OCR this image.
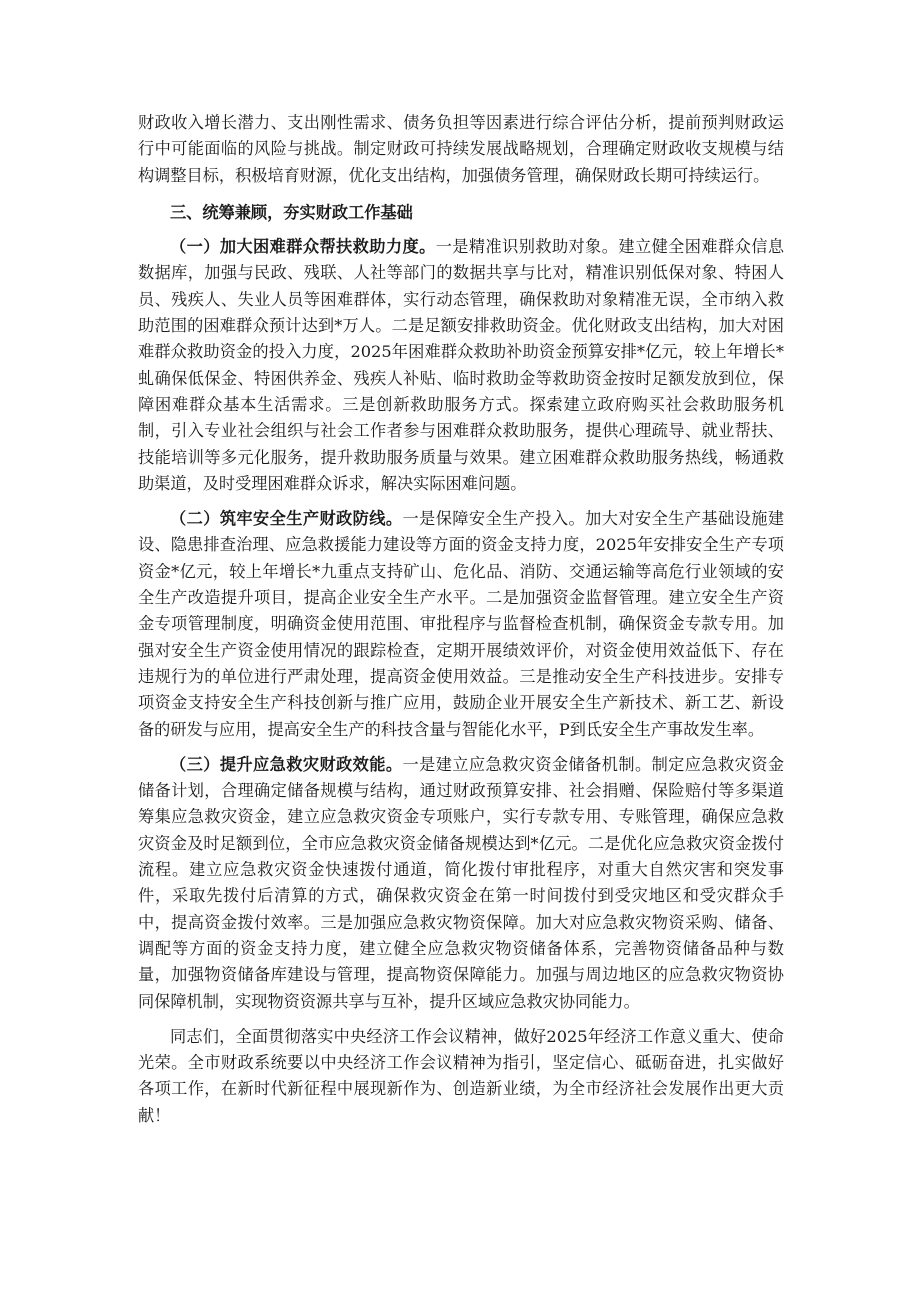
财政收入增长潜力、支出刚性需求、债务负担等因素进行综合评估分析，提前预判财政运行中可能面临的风险与挑战。制定财政可持续发展战略规划，合理确定财政收支规模与结构调整目标，积极培育财源，优化支出结构，加强债务管理，确保财政长期可持续运行。

三、统筹兼顾，夯实财政工作基础

（一）加大困难群众帮扶救助力度。一是精准识别救助对象。建立健全困难群众信息数据库，加强与民政、残联、人社等部门的数据共享与比对，精准识别低保对象、特困人员、残疾人、失业人员等困难群体，实行动态管理，确保救助对象精准无误，全市纳入救助范围的困难群众预计达到*万人。二是足额安排救助资金。优化财政支出结构，加大对困难群众救助资金的投入力度，2025年困难群众救助补助资金预算安排*亿元，较上年增长*虬确保低保金、特困供养金、残疾人补贴、临时救助金等救助资金按时足额发放到位，保障困难群众基本生活需求。三是创新救助服务方式。探索建立政府购买社会救助服务机制，引入专业社会组织与社会工作者参与困难群众救助服务，提供心理疏导、就业帮扶、技能培训等多元化服务，提升救助服务质量与效果。建立困难群众救助服务热线，畅通救助渠道，及时受理困难群众诉求，解决实际困难问题。

（二）筑牢安全生产财政防线。一是保障安全生产投入。加大对安全生产基础设施建设、隐患排查治理、应急救援能力建设等方面的资金支持力度，2025年安排安全生产专项资金*亿元，较上年增长*九重点支持矿山、危化品、消防、交通运输等高危行业领域的安全生产改造提升项目，提高企业安全生产水平。二是加强资金监督管理。建立安全生产资金专项管理制度，明确资金使用范围、审批程序与监督检查机制，确保资金专款专用。加强对安全生产资金使用情况的跟踪检查，定期开展绩效评价，对资金使用效益低下、存在违规行为的单位进行严肃处理，提高资金使用效益。三是推动安全生产科技进步。安排专项资金支持安全生产科技创新与推广应用，鼓励企业开展安全生产新技术、新工艺、新设备的研发与应用，提高安全生产的科技含量与智能化水平，P到氐安全生产事故发生率。

（三）提升应急救灾财政效能。一是建立应急救灾资金储备机制。制定应急救灾资金储备计划，合理确定储备规模与结构，通过财政预算安排、社会捐赠、保险赔付等多渠道筹集应急救灾资金，建立应急救灾资金专项账户，实行专款专用、专账管理，确保应急救灾资金及时足额到位，全市应急救灾资金储备规模达到*亿元。二是优化应急救灾资金拨付流程。建立应急救灾资金快速拨付通道，简化拨付审批程序，对重大自然灾害和突发事件，采取先拨付后清算的方式，确保救灾资金在第一时间拨付到受灾地区和受灾群众手中，提高资金拨付效率。三是加强应急救灾物资保障。加大对应急救灾物资采购、储备、调配等方面的资金支持力度，建立健全应急救灾物资储备体系，完善物资储备品种与数量，加强物资储备库建设与管理，提高物资保障能力。加强与周边地区的应急救灾物资协同保障机制，实现物资资源共享与互补，提升区域应急救灾协同能力。

同志们，全面贯彻落实中央经济工作会议精神，做好2025年经济工作意义重大、使命光荣。全市财政系统要以中央经济工作会议精神为指引，坚定信心、砥砺奋进，扎实做好各项工作，在新时代新征程中展现新作为、创造新业绩，为全市经济社会发展作出更大贡献！
